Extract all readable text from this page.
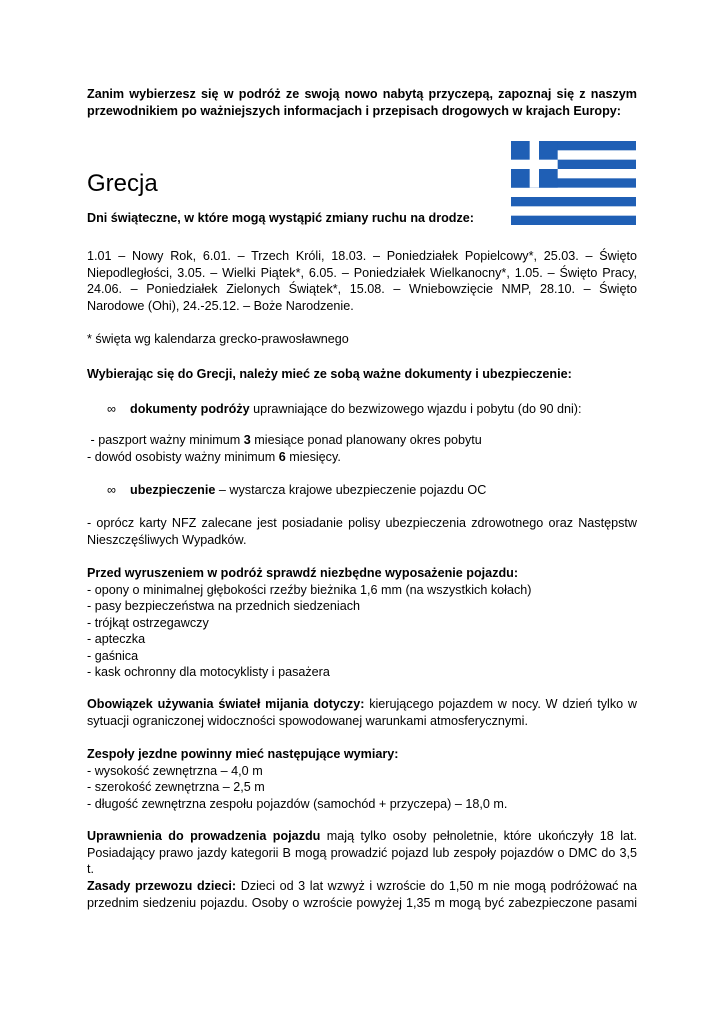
Zanim wybierzesz się w podróż ze swoją nowo nabytą przyczepą, zapoznaj się z naszym przewodnikiem po ważniejszych informacjach i przepisach drogowych w krajach Europy:

Grecja

Dni świąteczne, w które mogą wystąpić zmiany ruchu na drodze:

1.01 – Nowy Rok, 6.01. – Trzech Króli, 18.03. – Poniedziałek Popielcowy*, 25.03. – Święto Niepodległości, 3.05. – Wielki Piątek*, 6.05. – Poniedziałek Wielkanocny*, 1.05. – Święto Pracy, 24.06. – Poniedziałek Zielonych Świątek*, 15.08. – Wniebowzięcie NMP, 28.10. – Święto Narodowe (Ohi), 24.-25.12. – Boże Narodzenie.

* święta wg kalendarza grecko-prawosławnego

Wybierając się do Grecji, należy mieć ze sobą ważne dokumenty i ubezpieczenie:

∞ dokumenty podróży uprawniające do bezwizowego wjazdu i pobytu (do 90 dni):

- paszport ważny minimum 3 miesiące ponad planowany okres pobytu

- dowód osobisty ważny minimum 6 miesięcy.

∞ ubezpieczenie – wystarcza krajowe ubezpieczenie pojazdu OC

- oprócz karty NFZ zalecane jest posiadanie polisy ubezpieczenia zdrowotnego oraz Następstw Nieszczęśliwych Wypadków.

Przed wyruszeniem w podróż sprawdź niezbędne wyposażenie pojazdu:

- opony o minimalnej głębokości rzeźby bieżnika 1,6 mm (na wszystkich kołach)

- pasy bezpieczeństwa na przednich siedzeniach

- trójkąt ostrzegawczy

- apteczka

- gaśnica

- kask ochronny dla motocyklisty i pasażera

Obowiązek używania świateł mijania dotyczy: kierującego pojazdem w nocy. W dzień tylko w sytuacji ograniczonej widoczności spowodowanej warunkami atmosferycznymi.

Zespoły jezdne powinny mieć następujące wymiary:

- wysokość zewnętrzna – 4,0 m

- szerokość zewnętrzna – 2,5 m

- długość zewnętrzna zespołu pojazdów (samochód + przyczepa) – 18,0 m.

Uprawnienia do prowadzenia pojazdu mają tylko osoby pełnoletnie, które ukończyły 18 lat. Posiadający prawo jazdy kategorii B mogą prowadzić pojazd lub zespoły pojazdów o DMC do 3,5 t.

Zasady przewozu dzieci: Dzieci od 3 lat wzwyż i wzroście do 1,50 m nie mogą podróżować na przednim siedzeniu pojazdu. Osoby o wzroście powyżej 1,35 m mogą być zabezpieczone pasami
